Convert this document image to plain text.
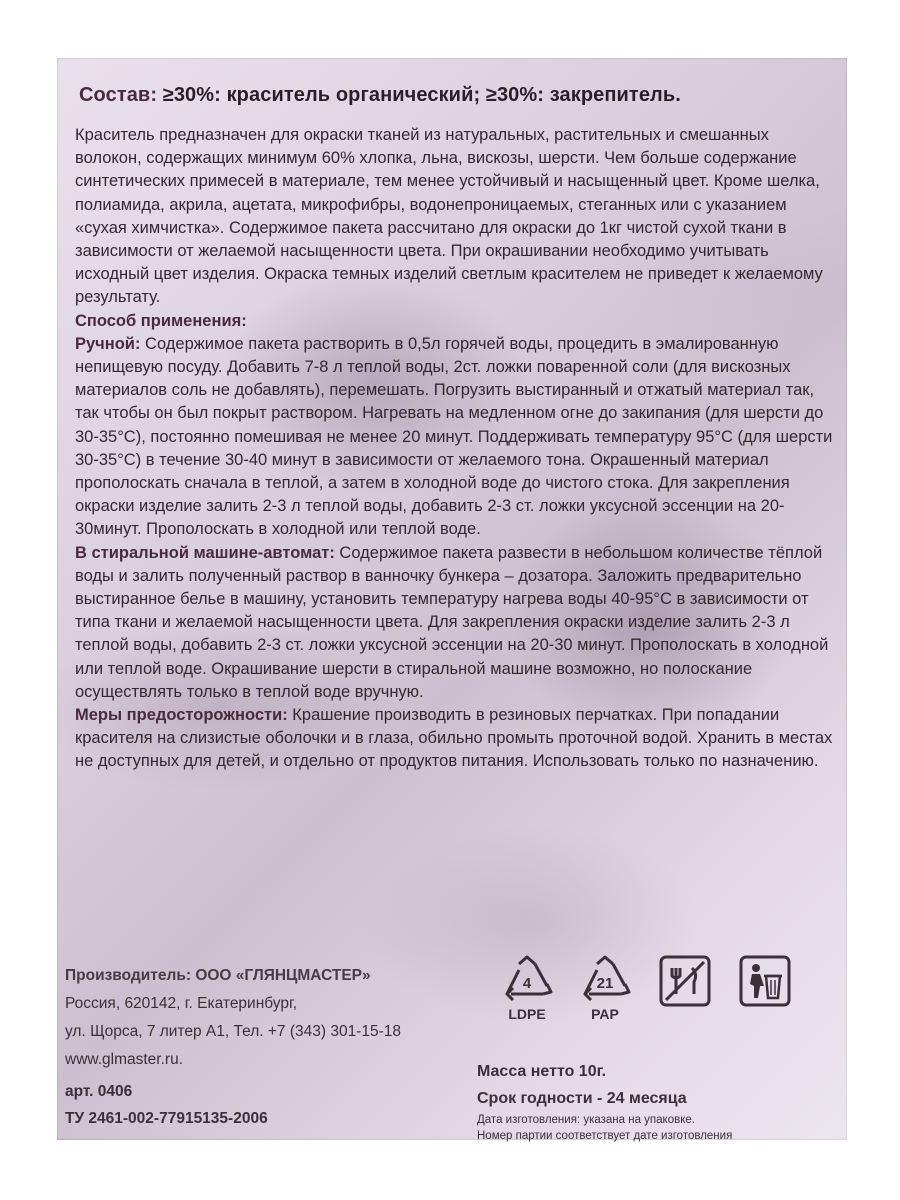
Состав: ≥30%: краситель органический; ≥30%: закрепитель.

Краситель предназначен для окраски тканей из натуральных, растительных и смешанных волокон, содержащих минимум 60% хлопка, льна, вискозы, шерсти. Чем больше содержание синтетических примесей в материале, тем менее устойчивый и насыщенный цвет. Кроме шелка, полиамида, акрила, ацетата, микрофибры, водонепроницаемых, стеганных или с указанием «сухая химчистка». Содержимое пакета рассчитано для окраски до 1кг чистой сухой ткани в зависимости от желаемой насыщенности цвета. При окрашивании необходимо учитывать исходный цвет изделия. Окраска темных изделий светлым красителем не приведет к желаемому результату.

Способ применения:

Ручной: Содержимое пакета растворить в 0,5л горячей воды, процедить в эмалированную непищевую посуду. Добавить 7-8 л теплой воды, 2ст. ложки поваренной соли (для вискозных материалов соль не добавлять), перемешать. Погрузить выстиранный и отжатый материал так, так чтобы он был покрыт раствором. Нагревать на медленном огне до закипания (для шерсти до 30-35°С), постоянно помешивая не менее 20 минут. Поддерживать температуру 95°С (для шерсти 30-35°С) в течение 30-40 минут в зависимости от желаемого тона. Окрашенный материал прополоскать сначала в теплой, а затем в холодной воде до чистого стока. Для закрепления окраски изделие залить 2-3 л теплой воды, добавить 2-3 ст. ложки уксусной эссенции на 20-30минут. Прополоскать в холодной или теплой воде.

В стиральной машине-автомат: Содержимое пакета развести в небольшом количестве тёплой воды и залить полученный раствор в ванночку бункера – дозатора. Заложить предварительно выстиранное белье в машину, установить температуру нагрева воды 40-95°С в зависимости от типа ткани и желаемой насыщенности цвета. Для закрепления окраски изделие залить 2-3 л теплой воды, добавить 2-3 ст. ложки уксусной эссенции на 20-30 минут. Прополоскать в холодной или теплой воде. Окрашивание шерсти в стиральной машине возможно, но полоскание осуществлять только в теплой воде вручную.

Меры предосторожности: Крашение производить в резиновых перчатках. При попадании красителя на слизистые оболочки и в глаза, обильно промыть проточной водой. Хранить в местах не доступных для детей, и отдельно от продуктов питания. Использовать только по назначению.

Производитель: ООО «ГЛЯНЦМАСТЕР»
Россия, 620142, г. Екатеринбург,
ул. Щорса, 7 литер А1, Тел. +7 (343) 301-15-18
www.glmaster.ru.
арт. 0406
ТУ 2461-002-77915135-2006
4
LDPE
21
PAP
Масса нетто 10г.
Срок годности - 24 месяца
Дата изготовления: указана на упаковке.
Номер партии соответствует дате изготовления
